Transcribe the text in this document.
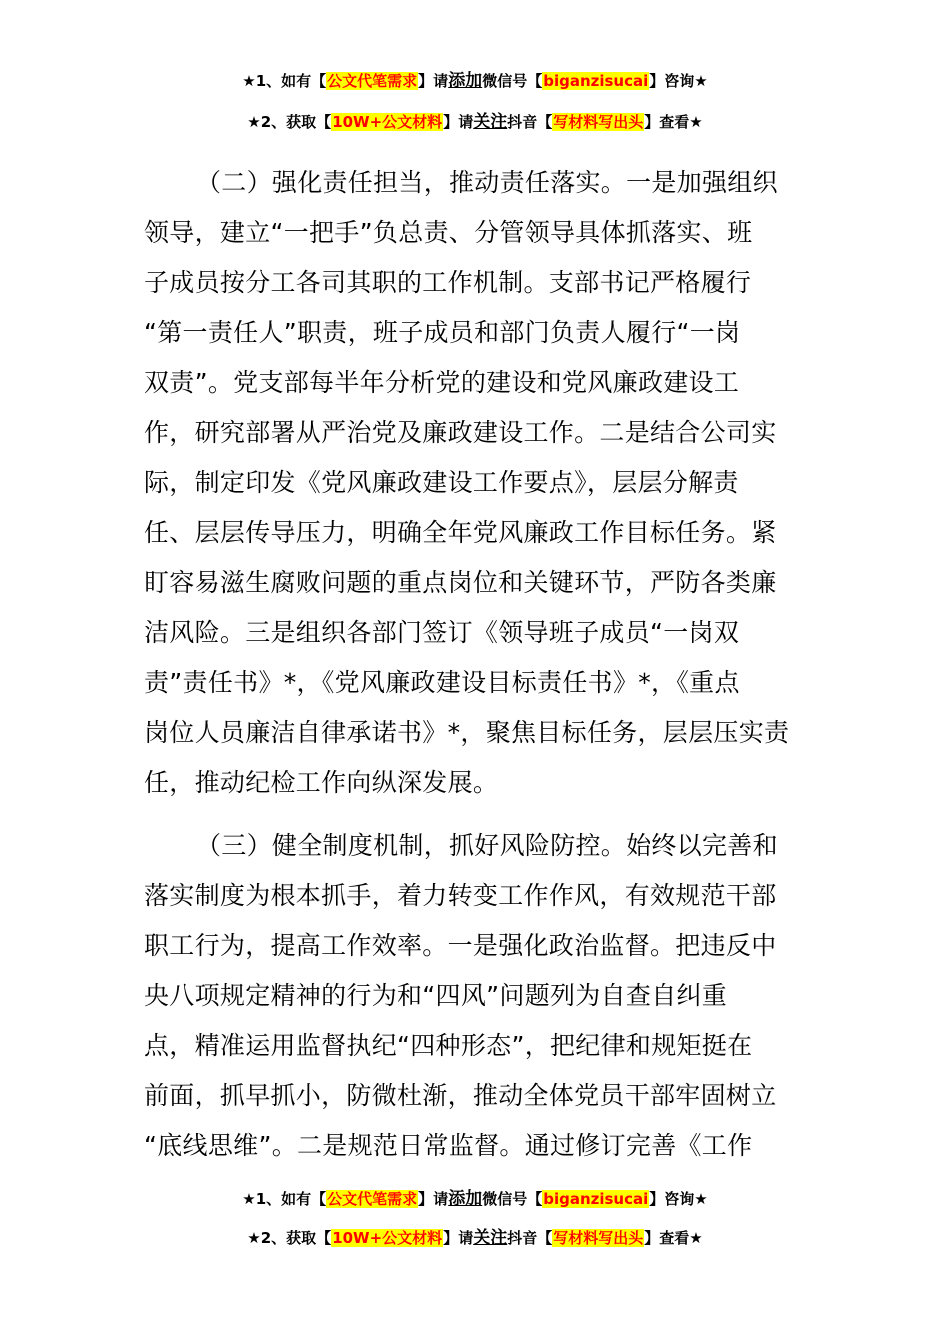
★1、如有【公文代笔需求】请添加微信号【biganzisucai】咨询★
★2、获取【10W+公文材料】请关注抖音【写材料写出头】查看★
（二）强化责任担当，推动责任落实。一是加强组织
领导，建立“一把手”负总责、分管领导具体抓落实、班
子成员按分工各司其职的工作机制。支部书记严格履行
“第一责任人”职责，班子成员和部门负责人履行“一岗
双责”。党支部每半年分析党的建设和党风廉政建设工
作，研究部署从严治党及廉政建设工作。二是结合公司实
际，制定印发《党风廉政建设工作要点》，层层分解责
任、层层传导压力，明确全年党风廉政工作目标任务。紧
盯容易滋生腐败问题的重点岗位和关键环节，严防各类廉
洁风险。三是组织各部门签订《领导班子成员“一岗双
责”责任书》*，《党风廉政建设目标责任书》*，《重点
岗位人员廉洁自律承诺书》*，聚焦目标任务，层层压实责
任，推动纪检工作向纵深发展。
（三）健全制度机制，抓好风险防控。始终以完善和
落实制度为根本抓手，着力转变工作作风，有效规范干部
职工行为，提高工作效率。一是强化政治监督。把违反中
央八项规定精神的行为和“四风”问题列为自查自纠重
点，精准运用监督执纪“四种形态”，把纪律和规矩挺在
前面，抓早抓小，防微杜渐，推动全体党员干部牢固树立
“底线思维”。二是规范日常监督。通过修订完善《工作
★1、如有【公文代笔需求】请添加微信号【biganzisucai】咨询★
★2、获取【10W+公文材料】请关注抖音【写材料写出头】查看★
